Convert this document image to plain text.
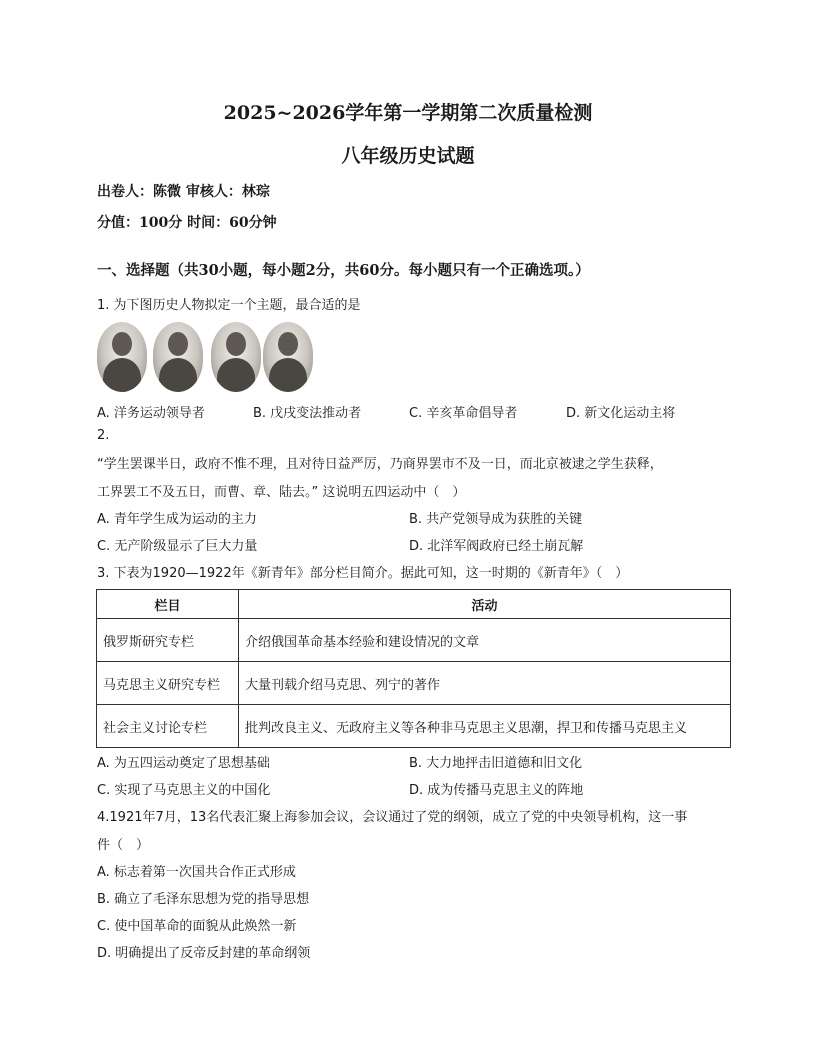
2025~2026学年第一学期第二次质量检测
八年级历史试题
出卷人：陈微 审核人：林琮
分值：100分 时间：60分钟
一、选择题（共30小题，每小题2分，共60分。每小题只有一个正确选项。）
1. 为下图历史人物拟定一个主题，最合适的是
A. 洋务运动领导者	B. 戊戌变法推动者	C. 辛亥革命倡导者	D. 新文化运动主将
2.
“学生罢课半日，政府不惟不理，且对待日益严厉，乃商界罢市不及一日，而北京被逮之学生获释，
工界罢工不及五日，而曹、章、陆去。” 这说明五四运动中（　）
A. 青年学生成为运动的主力	B. 共产党领导成为获胜的关键
C. 无产阶级显示了巨大力量	D. 北洋军阀政府已经土崩瓦解
3. 下表为1920—1922年《新青年》部分栏目简介。据此可知，这一时期的《新青年》（　）
栏目	活动
俄罗斯研究专栏	介绍俄国革命基本经验和建设情况的文章
马克思主义研究专栏	大量刊载介绍马克思、列宁的著作
社会主义讨论专栏	批判改良主义、无政府主义等各种非马克思主义思潮，捍卫和传播马克思主义
A. 为五四运动奠定了思想基础	B. 大力地抨击旧道德和旧文化
C. 实现了马克思主义的中国化	D. 成为传播马克思主义的阵地
4.1921年7月，13名代表汇聚上海参加会议，会议通过了党的纲领，成立了党的中央领导机构，这一事
件（　）
A. 标志着第一次国共合作正式形成
B. 确立了毛泽东思想为党的指导思想
C. 使中国革命的面貌从此焕然一新
D. 明确提出了反帝反封建的革命纲领
